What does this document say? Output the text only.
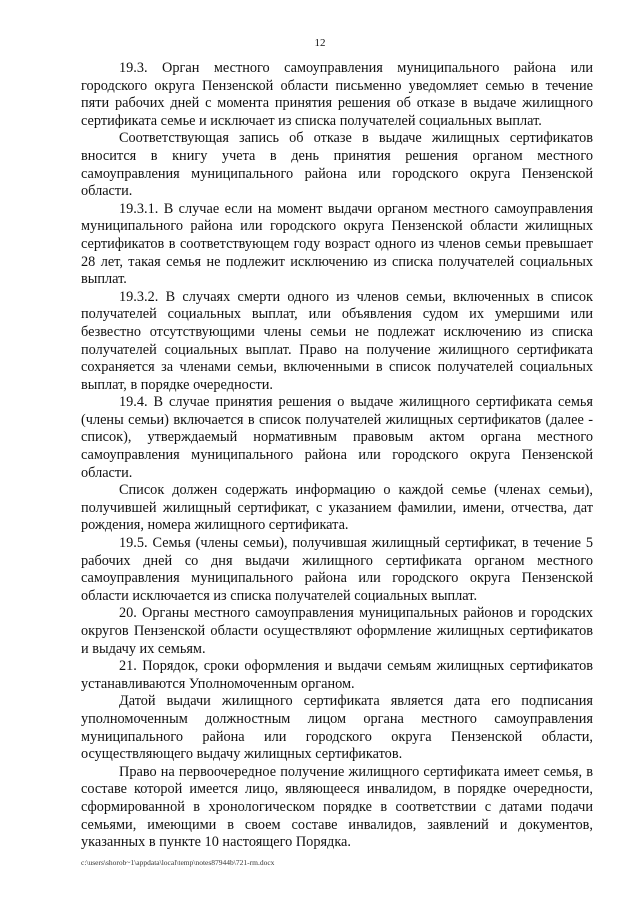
12

19.3. Орган местного самоуправления муниципального района или городского округа Пензенской области письменно уведомляет семью в течение пяти рабочих дней с момента принятия решения об отказе в выдаче жилищного сертификата семье и исключает из списка получателей социальных выплат.

Соответствующая запись об отказе в выдаче жилищных сертификатов вносится в книгу учета в день принятия решения органом местного самоуправления муниципального района или городского округа Пензенской области.

19.3.1. В случае если на момент выдачи органом местного самоуправления муниципального района или городского округа Пензенской области жилищных сертификатов в соответствующем году возраст одного из членов семьи превышает 28 лет, такая семья не подлежит исключению из списка получателей социальных выплат.

19.3.2. В случаях смерти одного из членов семьи, включенных в список получателей социальных выплат, или объявления судом их умершими или безвестно отсутствующими члены семьи не подлежат исключению из списка получателей социальных выплат. Право на получение жилищного сертификата сохраняется за членами семьи, включенными в список получателей социальных выплат, в порядке очередности.

19.4. В случае принятия решения о выдаче жилищного сертификата семья (члены семьи) включается в список получателей жилищных сертификатов (далее - список), утверждаемый нормативным правовым актом органа местного самоуправления муниципального района или городского округа Пензенской области.

Список должен содержать информацию о каждой семье (членах семьи), получившей жилищный сертификат, с указанием фамилии, имени, отчества, дат рождения, номера жилищного сертификата.

19.5. Семья (члены семьи), получившая жилищный сертификат, в течение 5 рабочих дней со дня выдачи жилищного сертификата органом местного самоуправления муниципального района или городского округа Пензенской области исключается из списка получателей социальных выплат.

20. Органы местного самоуправления муниципальных районов и городских округов Пензенской области осуществляют оформление жилищных сертификатов и выдачу их семьям.

21. Порядок, сроки оформления и выдачи семьям жилищных сертификатов устанавливаются Уполномоченным органом.

Датой выдачи жилищного сертификата является дата его подписания уполномоченным должностным лицом органа местного самоуправления муниципального района или городского округа Пензенской области, осуществляющего выдачу жилищных сертификатов.

Право на первоочередное получение жилищного сертификата имеет семья, в составе которой имеется лицо, являющееся инвалидом, в порядке очередности, сформированной в хронологическом порядке в соответствии с датами подачи семьями, имеющими в своем составе инвалидов, заявлений и документов, указанных в пункте 10 настоящего Порядка.

c:\users\shorob~1\appdata\local\temp\notes87944b\721-rm.docx
